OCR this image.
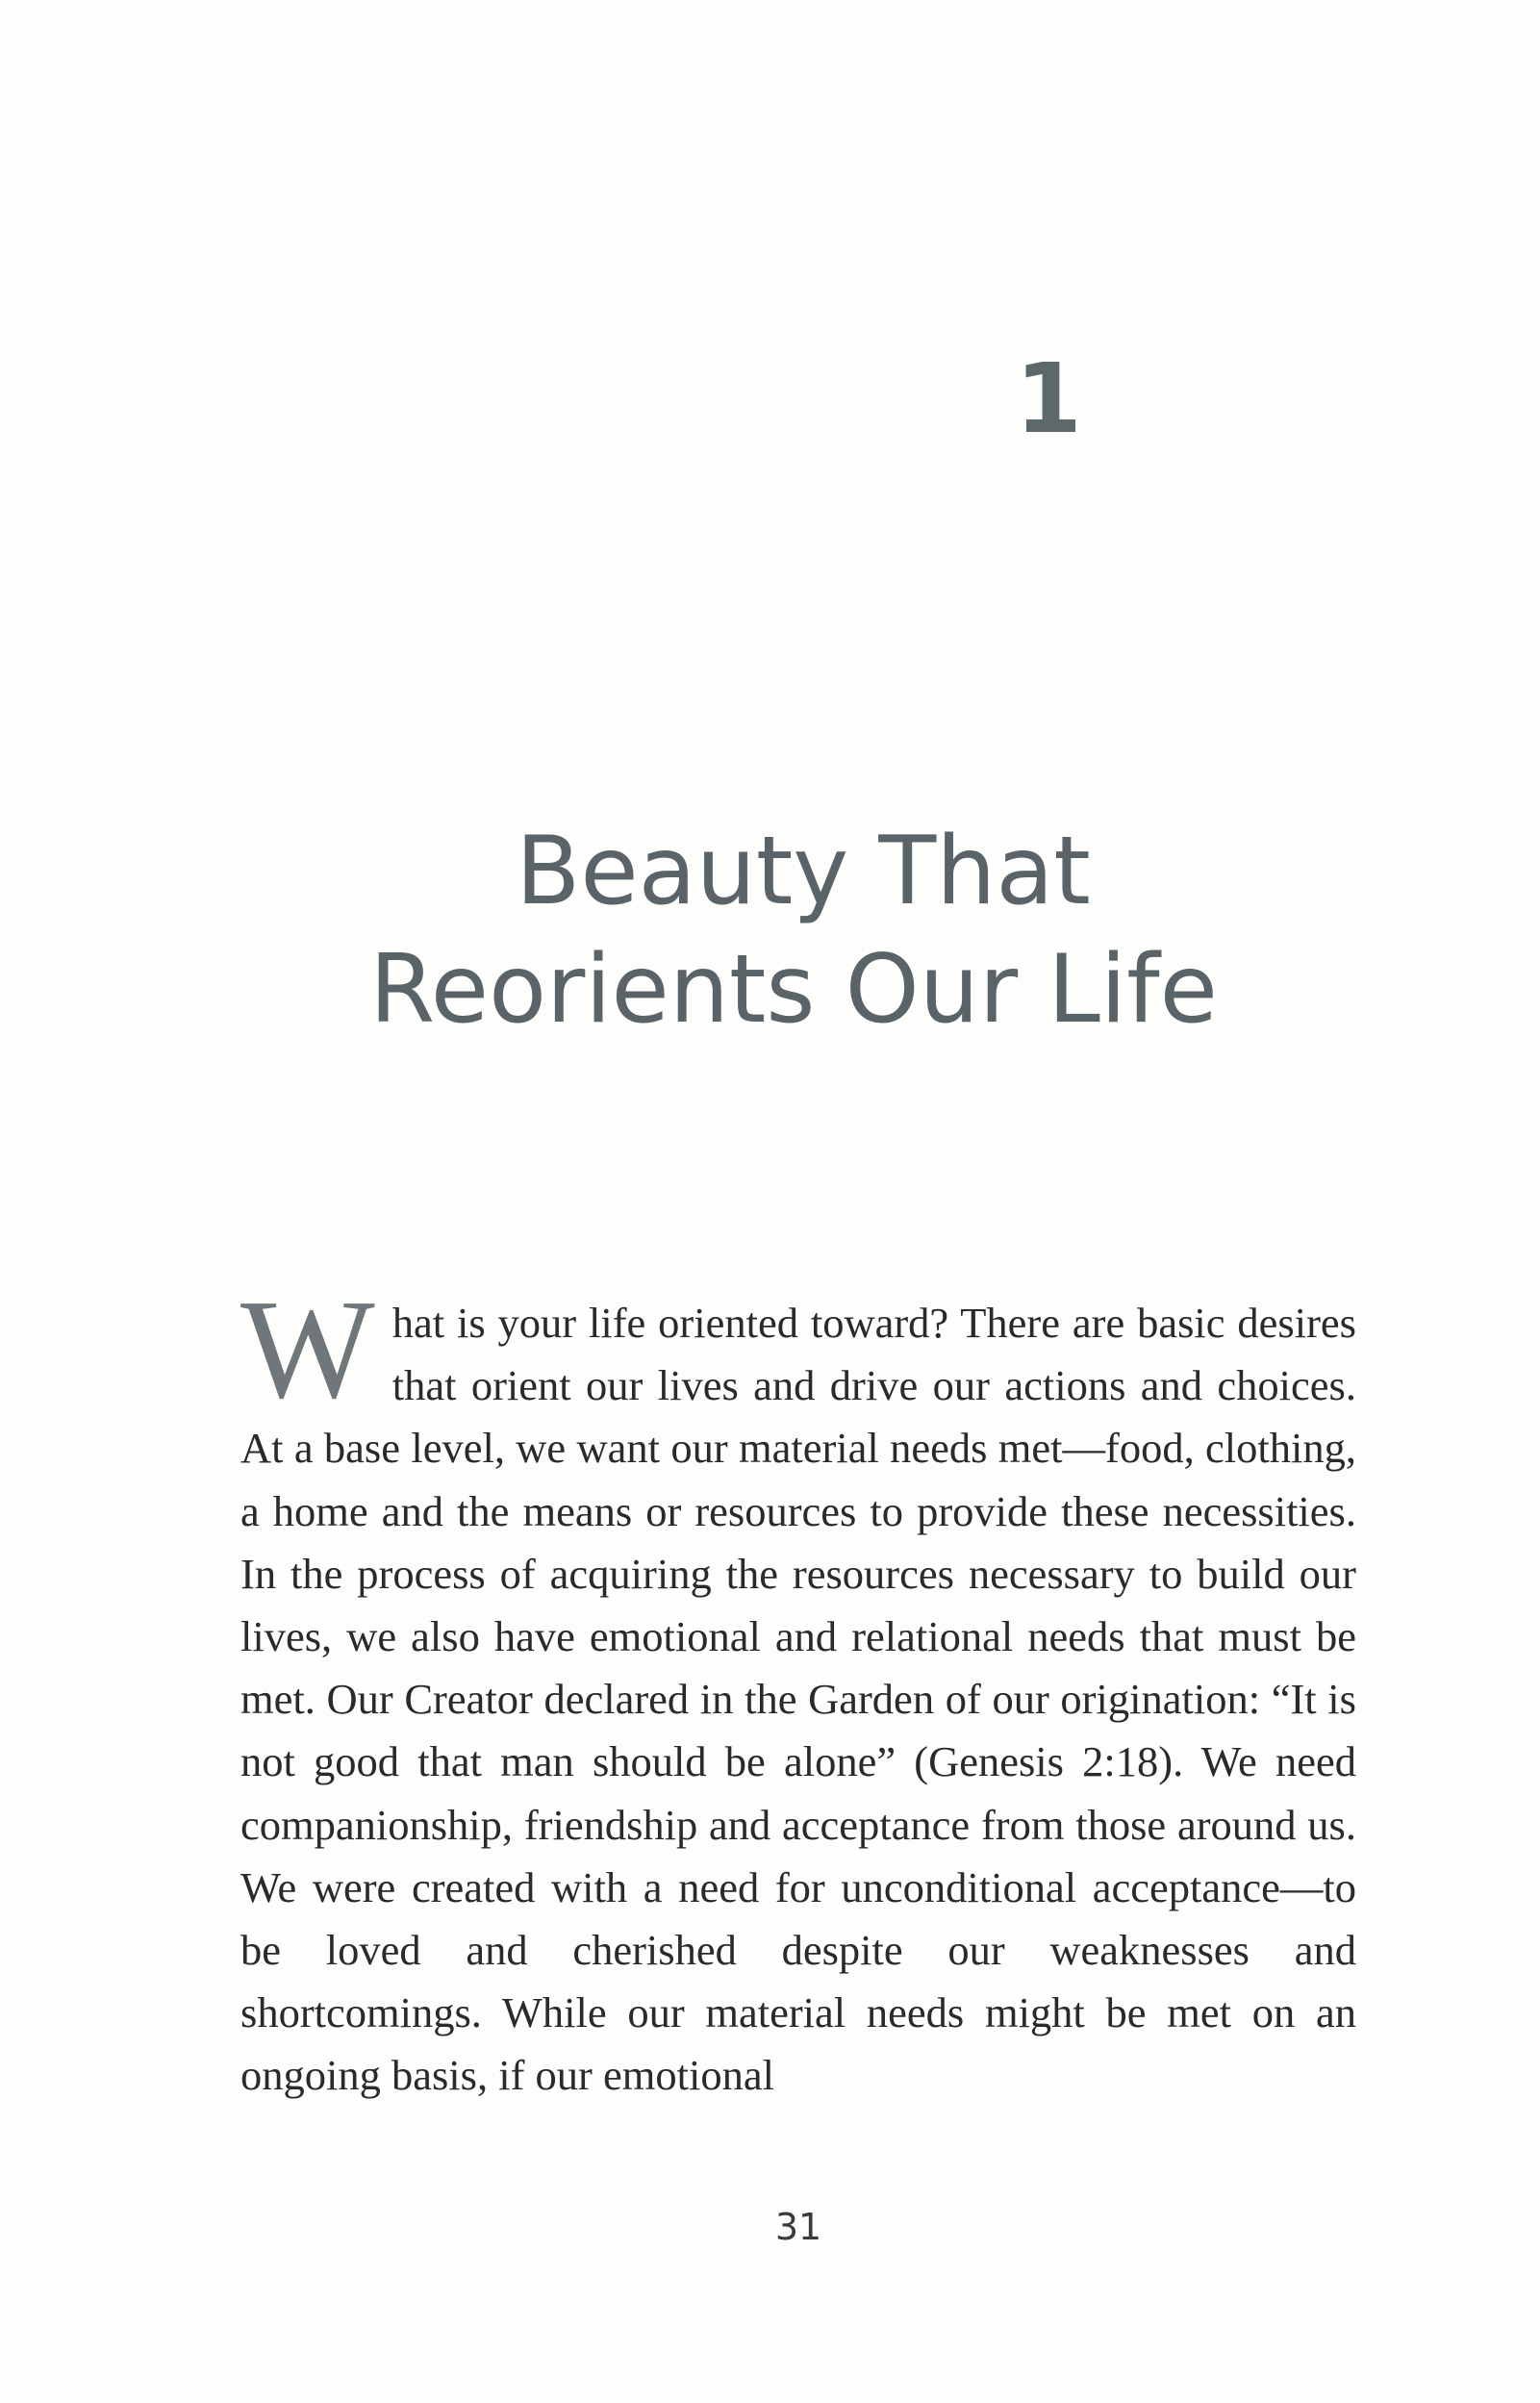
1
Beauty That
Reorients Our Life

What is your life oriented toward? There are basic desires that orient our lives and drive our actions and choices. At a base level, we want our material needs met—food, clothing, a home and the means or resources to provide these necessities. In the process of acquiring the resources necessary to build our lives, we also have emotional and relational needs that must be met. Our Creator declared in the Garden of our origination: “It is not good that man should be alone” (Genesis 2:18). We need companionship, friendship and acceptance from those around us. We were created with a need for unconditional acceptance—to be loved and cherished despite our weaknesses and shortcomings. While our material needs might be met on an ongoing basis, if our emotional

31
